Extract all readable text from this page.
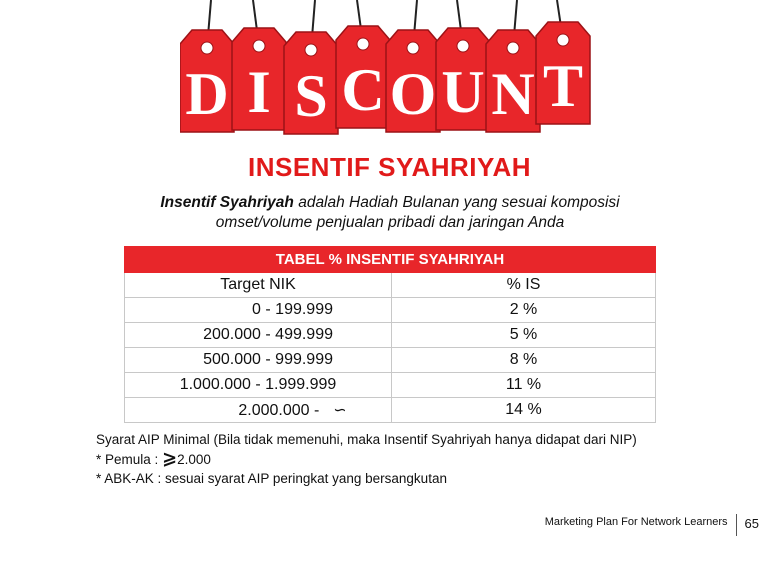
D I S C O U N T
INSENTIF SYAHRIYAH
Insentif Syahriyah adalah Hadiah Bulanan yang sesuai komposisi
omset/volume penjualan pribadi dan jaringan Anda
TABEL % INSENTIF SYAHRIYAH	
Target NIK	% IS
0 - 199.999	2 %
200.000 - 499.999	5 %
500.000 - 999.999	8 %
1.000.000 - 1.999.999	11 %
2.000.000 - ∽	14 %
Syarat AIP Minimal (Bila tidak memenuhi, maka Insentif Syahriyah hanya didapat dari NIP)
* Pemula : ⩾2.000
* ABK-AK : sesuai syarat AIP peringkat yang bersangkutan
Marketing Plan For Network Learners	65
